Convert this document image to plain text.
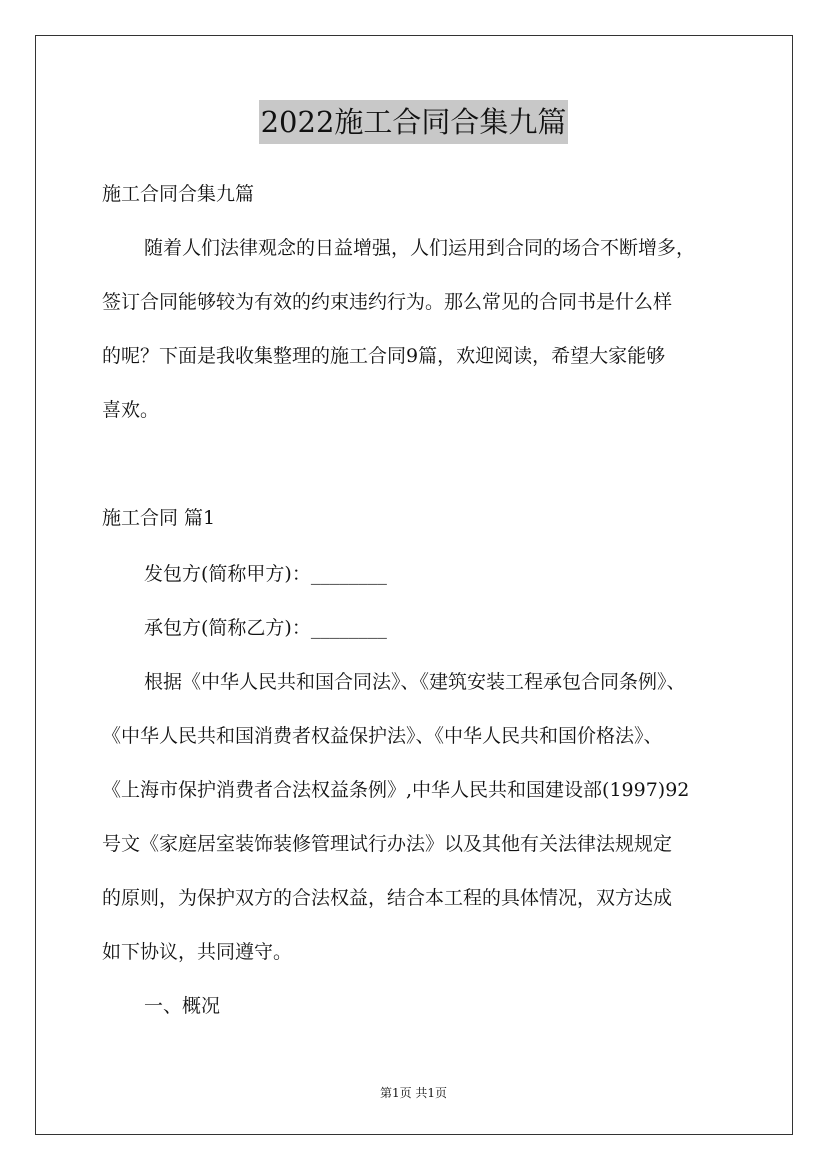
2022施工合同合集九篇
施工合同合集九篇
随着人们法律观念的日益增强，人们运用到合同的场合不断增多，
签订合同能够较为有效的约束违约行为。那么常见的合同书是什么样
的呢？下面是我收集整理的施工合同9篇，欢迎阅读，希望大家能够
喜欢。
施工合同 篇1
发包方(简称甲方)：________
承包方(简称乙方)：________
根据《中华人民共和国合同法》、《建筑安装工程承包合同条例》、
《中华人民共和国消费者权益保护法》、《中华人民共和国价格法》、
《上海市保护消费者合法权益条例》,中华人民共和国建设部(1997)92
号文《家庭居室装饰装修管理试行办法》以及其他有关法律法规规定
的原则，为保护双方的合法权益，结合本工程的具体情况，双方达成
如下协议，共同遵守。
一、概况
第1页 共1页
